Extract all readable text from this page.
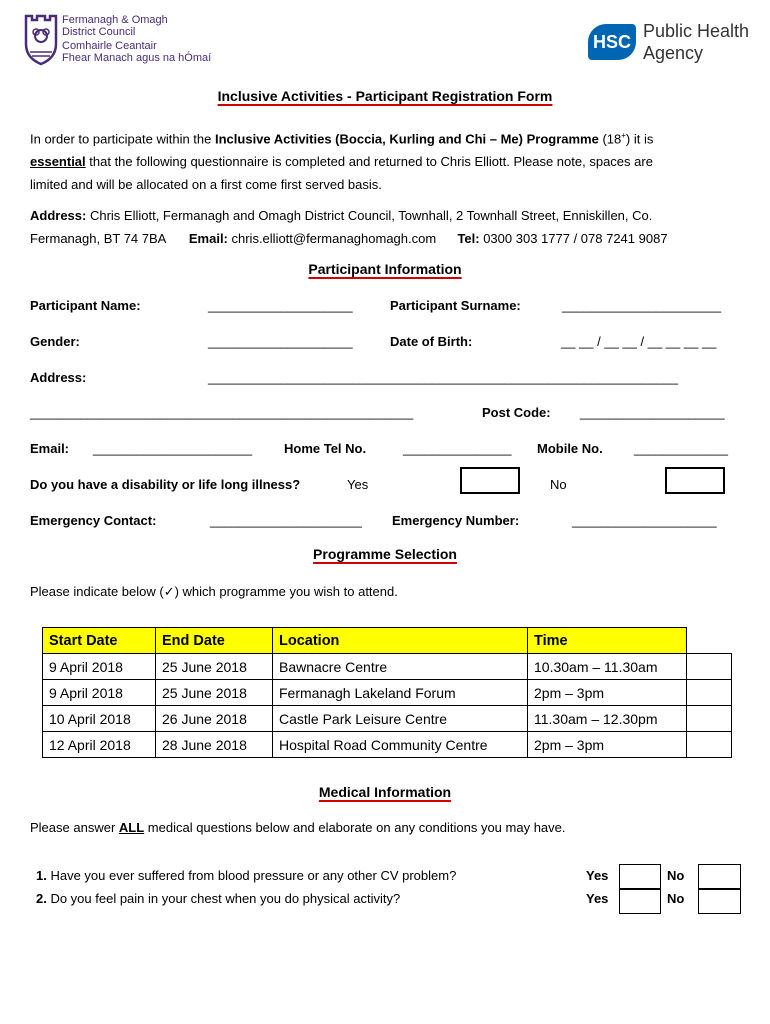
Fermanagh & Omagh
District Council
Comhairle Ceantair
Fhear Manach agus na hÓmaí
HSC
Public Health
Agency
Inclusive Activities - Participant Registration Form
In order to participate within the Inclusive Activities (Boccia, Kurling and Chi – Me) Programme (18+) it is
essential that the following questionnaire is completed and returned to Chris Elliott. Please note, spaces are
limited and will be allocated on a first come first served basis.
Address: Chris Elliott, Fermanagh and Omagh District Council, Townhall, 2 Townhall Street, Enniskillen, Co.
Fermanagh, BT 74 7BA Email: chris.elliott@fermanaghomagh.com Tel: 0300 303 1777 / 078 7241 9087
Participant Information
Participant Name:	____________________	Participant Surname:	______________________
Gender:	____________________	Date of Birth:	__ __ / __ __ / __ __ __ __
Address:	_________________________________________________________________
_____________________________________________________	Post Code: ____________________
Email: ______________________ Home Tel No.	_______________ Mobile No. _____________
Do you have a disability or life long illness?	Yes	No
Emergency Contact:	_____________________ Emergency Number:	____________________
Programme Selection
Please indicate below (✓) which programme you wish to attend.
Start Date	End Date	Location	Time	
9 April 2018	25 June 2018	Bawnacre Centre	10.30am – 11.30am	
9 April 2018	25 June 2018	Fermanagh Lakeland Forum	2pm – 3pm	
10 April 2018	26 June 2018	Castle Park Leisure Centre	11.30am – 12.30pm	
12 April 2018	28 June 2018	Hospital Road Community Centre	2pm – 3pm	
Medical Information
Please answer ALL medical questions below and elaborate on any conditions you may have.
1. Have you ever suffered from blood pressure or any other CV problem?	Yes	No
2. Do you feel pain in your chest when you do physical activity?	Yes	No
